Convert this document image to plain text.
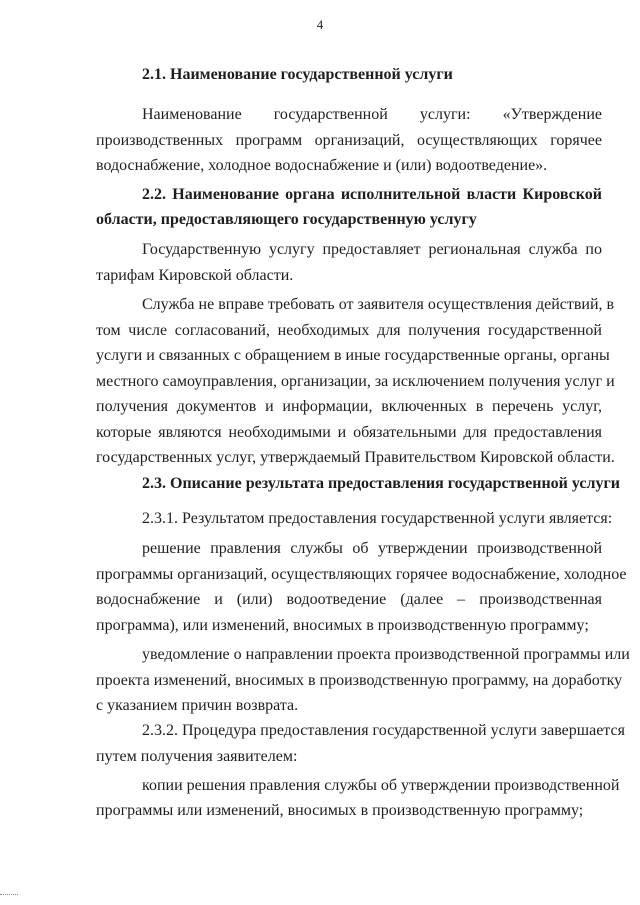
4
2.1. Наименование государственной услуги
Наименование государственной услуги: «Утверждение
производственных программ организаций, осуществляющих горячее
водоснабжение, холодное водоснабжение и (или) водоотведение».
2.2. Наименование органа исполнительной власти Кировской
области, предоставляющего государственную услугу
Государственную услугу предоставляет региональная служба по
тарифам Кировской области.
Служба не вправе требовать от заявителя осуществления действий, в
том числе согласований, необходимых для получения государственной
услуги и связанных с обращением в иные государственные органы, органы
местного самоуправления, организации, за исключением получения услуг и
получения документов и информации, включенных в перечень услуг,
которые являются необходимыми и обязательными для предоставления
государственных услуг, утверждаемый Правительством Кировской области.
2.3. Описание результата предоставления государственной услуги
2.3.1. Результатом предоставления государственной услуги является:
решение правления службы об утверждении производственной
программы организаций, осуществляющих горячее водоснабжение, холодное
водоснабжение и (или) водоотведение (далее – производственная
программа), или изменений, вносимых в производственную программу;
уведомление о направлении проекта производственной программы или
проекта изменений, вносимых в производственную программу, на доработку
с указанием причин возврата.
2.3.2. Процедура предоставления государственной услуги завершается
путем получения заявителем:
копии решения правления службы об утверждении производственной
программы или изменений, вносимых в производственную программу;
